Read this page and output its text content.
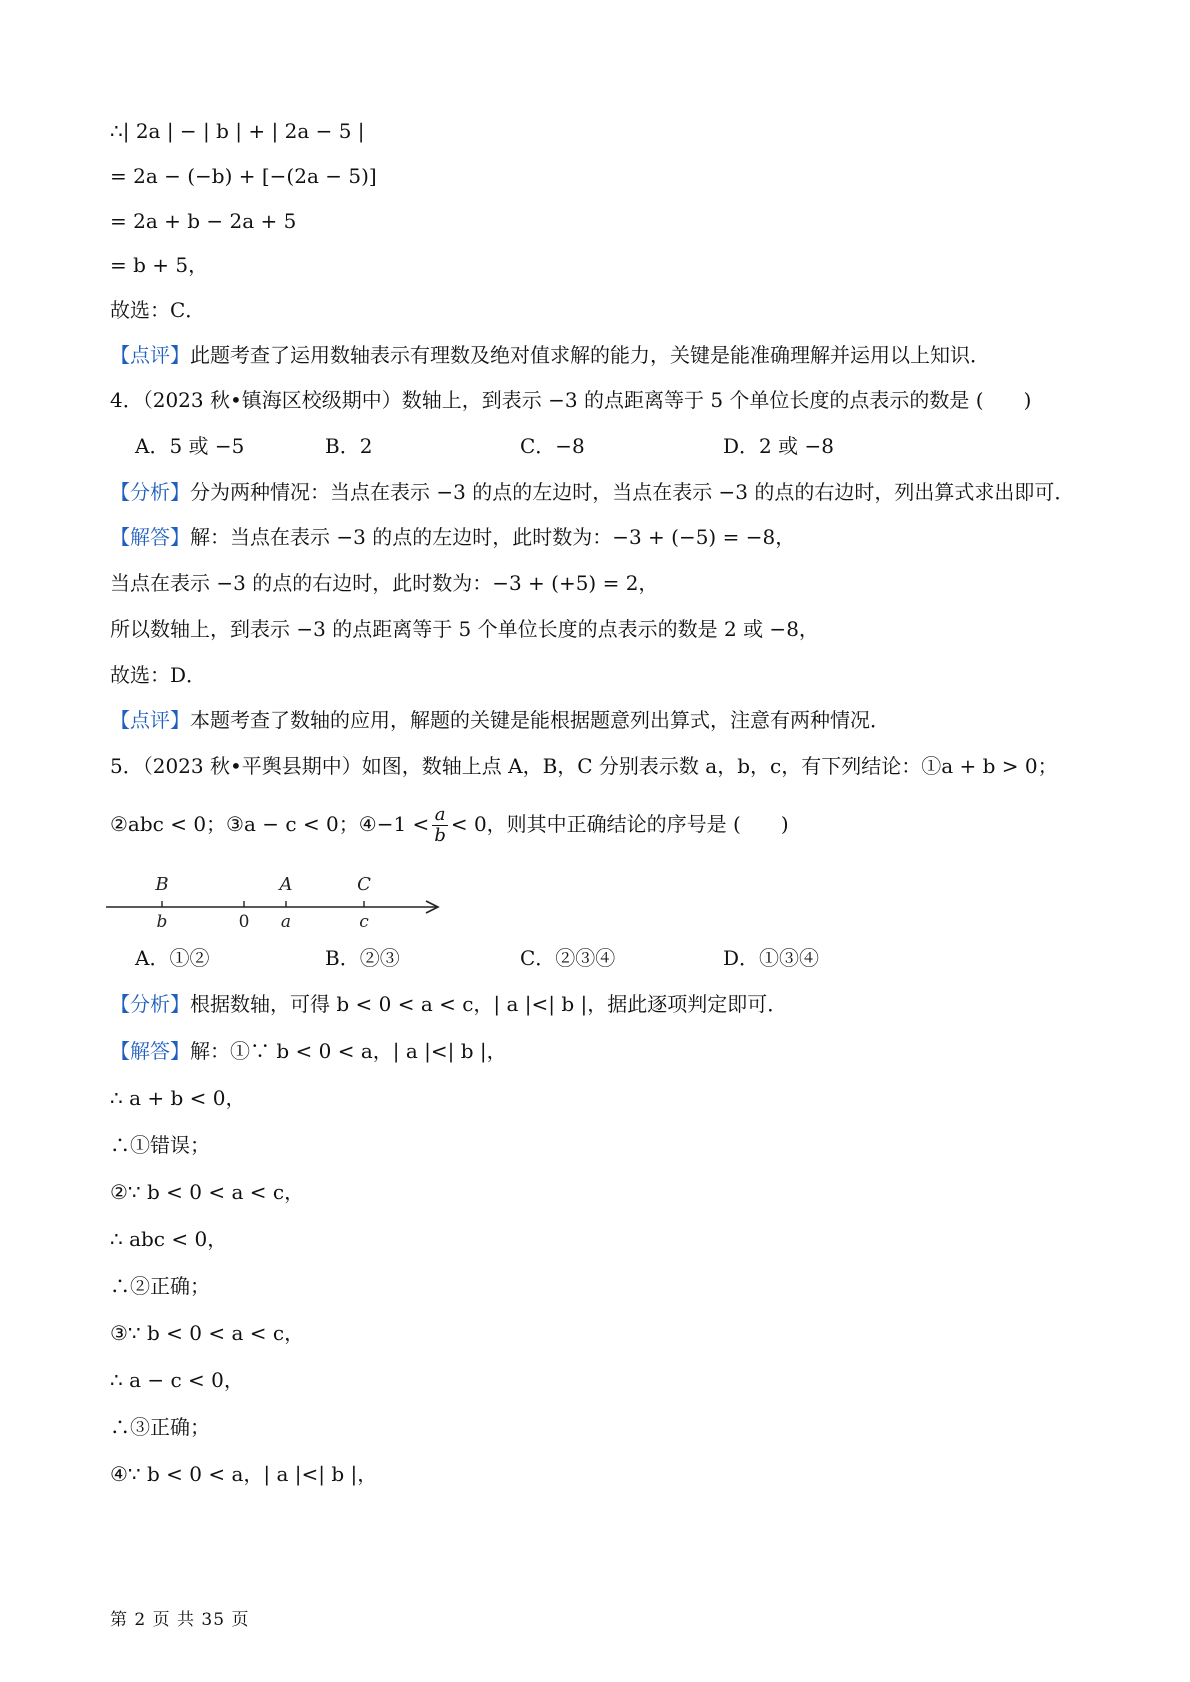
∴| 2a | − | b | + | 2a − 5 |
= 2a − (−b) + [−(2a − 5)]
= 2a + b − 2a + 5
= b + 5，
故选：C．
【点评】此题考查了运用数轴表示有理数及绝对值求解的能力，关键是能准确理解并运用以上知识．
4．（2023 秋•镇海区校级期中）数轴上，到表示 −3 的点距离等于 5 个单位长度的点表示的数是 (　　)
A．5 或 −5	B．2	C．−8	D．2 或 −8
【分析】分为两种情况：当点在表示 −3 的点的左边时，当点在表示 −3 的点的右边时，列出算式求出即可．
【解答】解：当点在表示 −3 的点的左边时，此时数为：−3 + (−5) = −8，
当点在表示 −3 的点的右边时，此时数为：−3 + (+5) = 2，
所以数轴上，到表示 −3 的点距离等于 5 个单位长度的点表示的数是 2 或 −8，
故选：D．
【点评】本题考查了数轴的应用，解题的关键是能根据题意列出算式，注意有两种情况．
5．（2023 秋•平舆县期中）如图，数轴上点 A，B，C 分别表示数 a，b，c，有下列结论：①a + b > 0；
②abc < 0；③a − c < 0；④−1 < $\frac{a}{b} < 0$，则其中正确结论的序号是 (　　)
B	A	C
b	0 a	c
A．①②	B．②③	C．②③④	D．①③④
【分析】根据数轴，可得 b < 0 < a < c，| a |<| b |，据此逐项判定即可．
【解答】解：①∵ b < 0 < a，| a |<| b |，
∴ a + b < 0，
∴①错误；
②∵ b < 0 < a < c，
∴ abc < 0，
∴②正确；
③∵ b < 0 < a < c，
∴ a − c < 0，
∴③正确；
④∵ b < 0 < a，| a |<| b |，
第 2 页 共 35 页
